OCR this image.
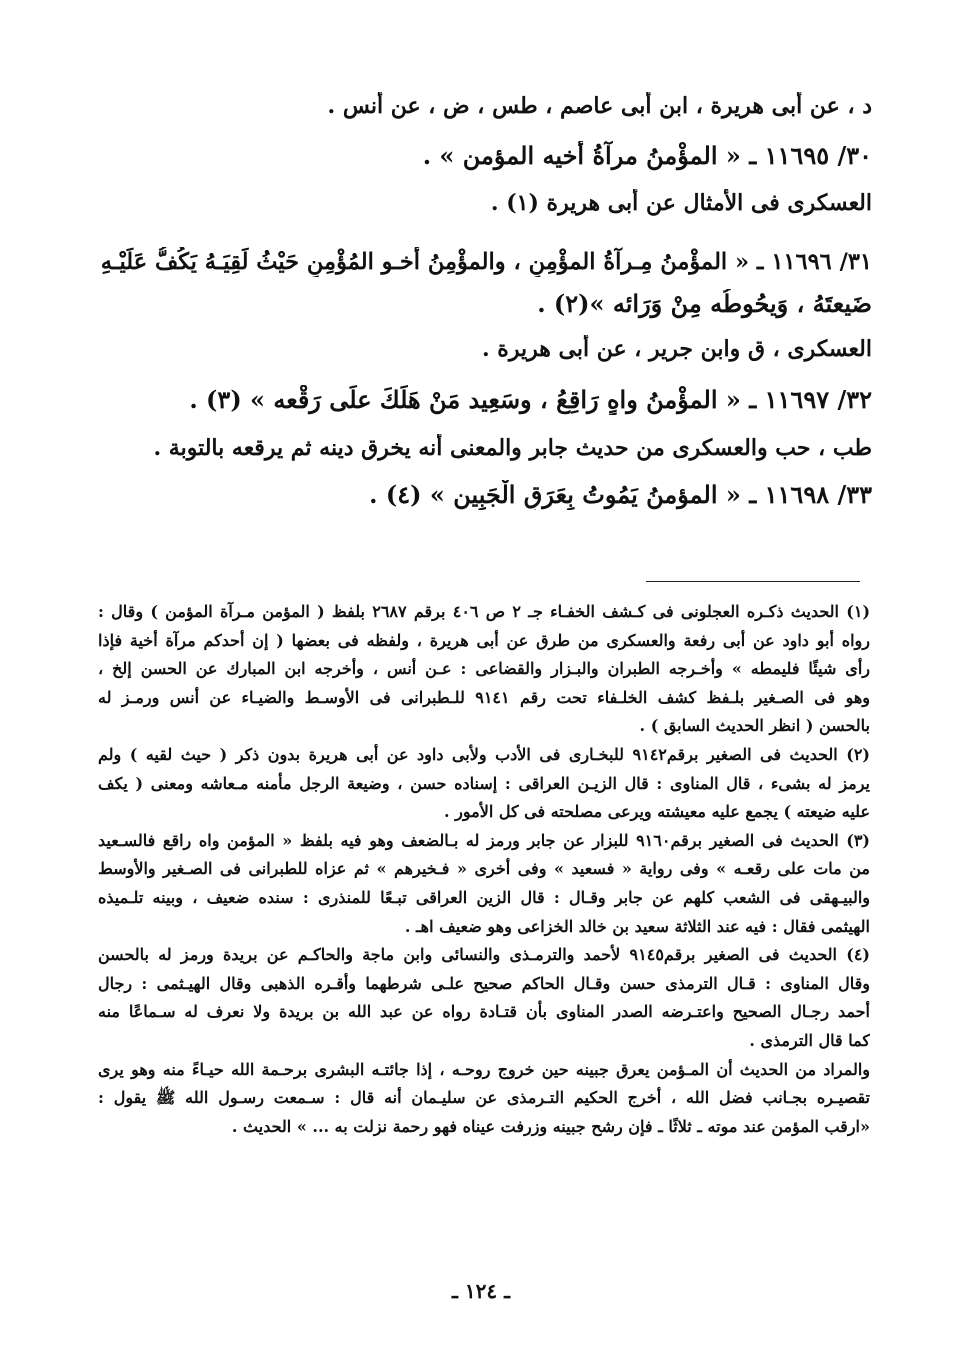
د ، عن أبى هريرة ، ابن أبى عاصم ، طس ، ض ، عن أنس .
٣٠/ ١١٦٩٥ ـ « المؤْمنُ مرآةُ أخيه المؤمن » .
العسكرى فى الأمثال عن أبى هريرة (١) .
٣١/ ١١٦٩٦ ـ « المؤْمنُ مِـرآةُ المؤْمِنِ ، والمؤْمِنُ أخـو المُؤْمِنِ حَيْثُ لَقِيَـهُ يَكُفُّ عَلَيْـهِ
ضَيعتَهُ ، وَيحُوطُه مِنْ وَرَائه »(٢) .
العسكرى ، ق وابن جرير ، عن أبى هريرة .
٣٢/ ١١٦٩٧ ـ « المؤْمنُ واهٍ رَاقِعُ ، وسَعِيد مَنْ هَلَكَ علَى رَقْعه » (٣) .
طب ، حب والعسكرى من حديث جابر والمعنى أنه يخرق دينه ثم يرقعه بالتوبة .
٣٣/ ١١٦٩٨ ـ « المؤمنُ يَمُوتُ بِعَرَقِ الْجَبِين » (٤) .
(١) الحديث ذكـره العجلونى فى كـشف الخفـاء جـ ٢ ص ٤٠٦ برقم ٢٦٨٧ بلفظ ( المؤمن مـرآة المؤمن ) وقال :
رواه أبو داود عن أبى رفعة والعسكرى من طرق عن أبى هريرة ، ولفظه فى بعضها ( إن أحدكم مرآة أخية فإذا
رأى شيئًا فليمطه » وأخـرجه الطبران والبـزار والقضاعى : عـن أنس ، وأخرجه ابن المبارك عن الحسن إلخ ،
وهو فى الصـغير بلـفظ كشف الخلـفاء تحت رقم ٩١٤١ للـطبرانى فى الأوسـط والضيـاء عن أنس ورمـز له
بالحسن ( انظر الحديث السابق ) .
(٢) الحديث فى الصغير برقم٩١٤٢ للبخـارى فى الأدب ولأبى داود عن أبى هريرة بدون ذكر ( حيث لقيه ) ولم
يرمز له بشىء ، قال المناوى : قال الزيـن العراقى : إسناده حسن ، وضيعة الرجل مأمنه مـعاشه ومعنى ( يكف
عليه ضيعته ) يجمع عليه معيشته ويرعى مصلحته فى كل الأمور .
(٣) الحديث فى الصغير برقم٩١٦٠ للبزار عن جابر ورمز له بـالضعف وهو فيه بلفظ « المؤمن واه راقع فالسـعيد
من مات على رقعـه » وفى رواية « فسعيد » وفى أخرى « فـخيرهم » ثم عزاه للطبرانى فى الصـغير والأوسط
والبيـهقى فى الشعب كلهم عن جابر وقـال : قال الزين العراقى تبـعًا للمنذرى : سنده ضعيف ، وبينه تلـميذه
الهيثمى فقال : فيه عند الثلاثة سعيد بن خالد الخزاعى وهو ضعيف اهـ .
(٤) الحديث فى الصغير برقم٩١٤٥ لأحمد والترمـذى والنسائى وابن ماجة والحاكـم عن بريدة ورمز له بالحسن
وقال المناوى : قـال الترمذى حسن وقـال الحاكم صحيح علـى شرطهما وأقـره الذهبى وقال الهيـثمى : رجال
أحمد رجـال الصحيح واعتـرضه الصدر المناوى بأن قتـادة رواه عن عبد الله بن بريدة ولا نعرف له سـماعًا منه
كما قال الترمذى .
والمراد من الحديث أن المـؤمن يعرق جبينه حين خروج روحـه ، إذا جائتـه البشرى برحـمة الله حيـاءً منه وهو يرى
تقصيـره بجـانب فضل الله ، أخرج الحكيم التـرمذى عن سليـمان أنه قال : سـمعت رسـول الله ﷺ يقول :
«ارقب المؤمن عند موته ـ ثلاثًا ـ فإن رشح جبينه وزرفت عيناه فهو رحمة نزلت به ... » الحديث .
ـ ١٢٤ ـ
